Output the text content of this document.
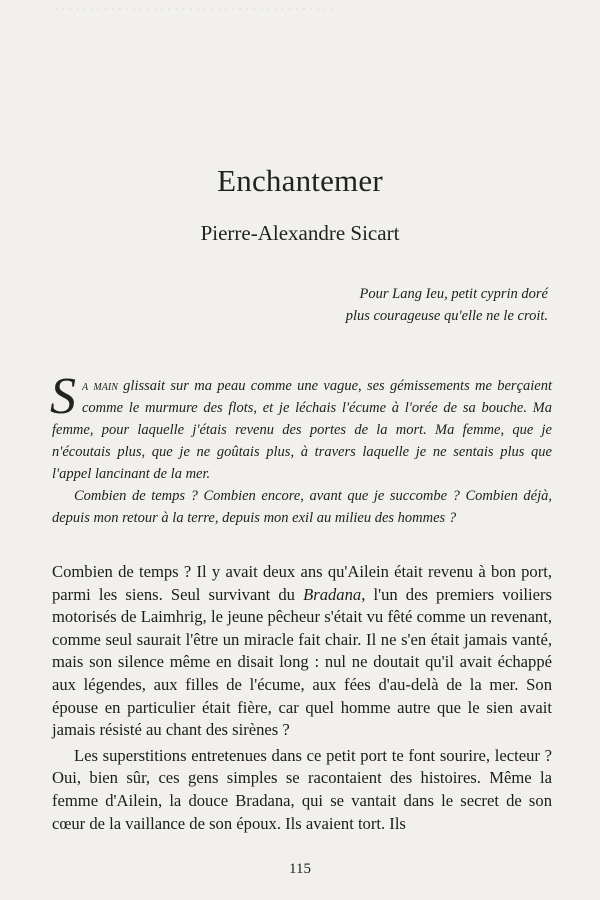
ᐧ ᐧ ᐧ ᐧ ᐧ ᐧ ᐧ ᐧ ᐧ ᐧ ᐧ ᐧ ᐧ ᐧ ᐧ ᐧ ᐧ ᐧ ᐧ ᐧ ᐧ ᐧ ᐧ ᐧ ᐧ ᐧ ᐧ ᐧ ᐧ ᐧ ᐧ ᐧ ᐧ ᐧ ᐧ ᐧ ᐧ ᐧ ᐧ ᐧ

Enchantemer
Pierre-Alexandre Sicart
Pour Lang Ieu, petit cyprin doré
plus courageuse qu'elle ne le croit.

Sa main glissait sur ma peau comme une vague, ses gémissements me berçaient comme le murmure des flots, et je léchais l'écume à l'orée de sa bouche. Ma femme, pour laquelle j'étais revenu des portes de la mort. Ma femme, que je n'écoutais plus, que je ne goûtais plus, à travers laquelle je ne sentais plus que l'appel lancinant de la mer.

Combien de temps ? Combien encore, avant que je succombe ? Combien déjà, depuis mon retour à la terre, depuis mon exil au milieu des hommes ?

Combien de temps ? Il y avait deux ans qu'Ailein était revenu à bon port, parmi les siens. Seul survivant du Bradana, l'un des premiers voiliers motorisés de Laimhrig, le jeune pêcheur s'était vu fêté comme un revenant, comme seul saurait l'être un miracle fait chair. Il ne s'en était jamais vanté, mais son silence même en disait long : nul ne doutait qu'il avait échappé aux légendes, aux filles de l'écume, aux fées d'au-delà de la mer. Son épouse en particulier était fière, car quel homme autre que le sien avait jamais résisté au chant des sirènes ?

Les superstitions entretenues dans ce petit port te font sourire, lecteur ? Oui, bien sûr, ces gens simples se racontaient des histoires. Même la femme d'Ailein, la douce Bradana, qui se vantait dans le secret de son cœur de la vaillance de son époux. Ils avaient tort. Ils

115
